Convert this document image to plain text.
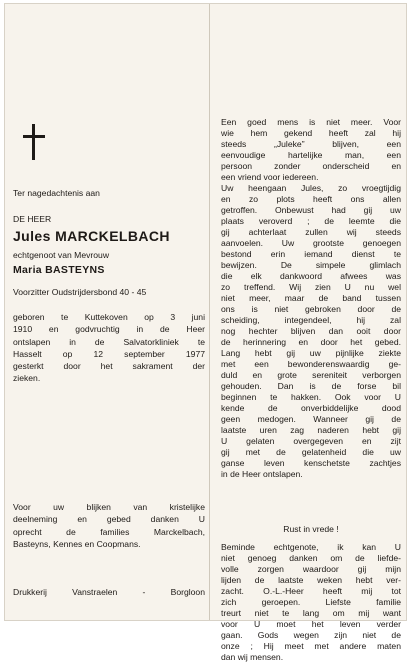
Ter nagedachtenis aan
DE HEER
Jules MARCKELBACH
echtgenoot van Mevrouw
Maria BASTEYNS
Voorzitter Oudstrijdersbond 40 - 45
geboren te Kuttekoven op 3 juni
1910 en godvruchtig in de Heer
ontslapen in de Salvatorkliniek te
Hasselt op 12 september 1977
gesterkt door het sakrament der
zieken.
Voor uw blijken van kristelijke
deelneming en gebed danken U
oprecht de families Marckelbach,
Basteyns, Kennes en Coopmans.
Drukkerij Vanstraelen - Borgloon
Een goed mens is niet meer. Voor
wie hem gekend heeft zal hij
steeds „Juleke” blijven, een
eenvoudige hartelijke man, een
persoon zonder onderscheid en
een vriend voor iedereen.
Uw heengaan Jules, zo vroegtijdig
en zo plots heeft ons allen
getroffen. Onbewust had gij uw
plaats veroverd ; de leemte die
gij achterlaat zullen wij steeds
aanvoelen. Uw grootste genoegen
bestond erin iemand dienst te
bewijzen. De simpele glimlach
die elk dankwoord afwees was
zo treffend. Wij zien U nu wel
niet meer, maar de band tussen
ons is niet gebroken door de
scheiding, integendeel, hij zal
nog hechter blijven dan ooit door
de herinnering en door het gebed.
Lang hebt gij uw pijnlijke ziekte
met een bewonderenswaardig ge-
duld en grote sereniteit verborgen
gehouden. Dan is de forse bil
beginnen te hakken. Ook voor U
kende de onverbiddelijke dood
geen medogen. Wanneer gij de
laatste uren zag naderen hebt gij
U gelaten overgegeven en zijt
gij met de gelatenheid die uw
ganse leven kenschetste zachtjes
in de Heer ontslapen.
Rust in vrede !
Beminde echtgenote, ik kan U
niet genoeg danken om de liefde-
volle zorgen waardoor gij mijn
lijden de laatste weken hebt ver-
zacht. O.-L.-Heer heeft mij tot
zich geroepen. Liefste familie
treurt niet te lang om mij want
voor U moet het leven verder
gaan. Gods wegen zijn niet de
onze ; Hij meet met andere maten
dan wij mensen.
